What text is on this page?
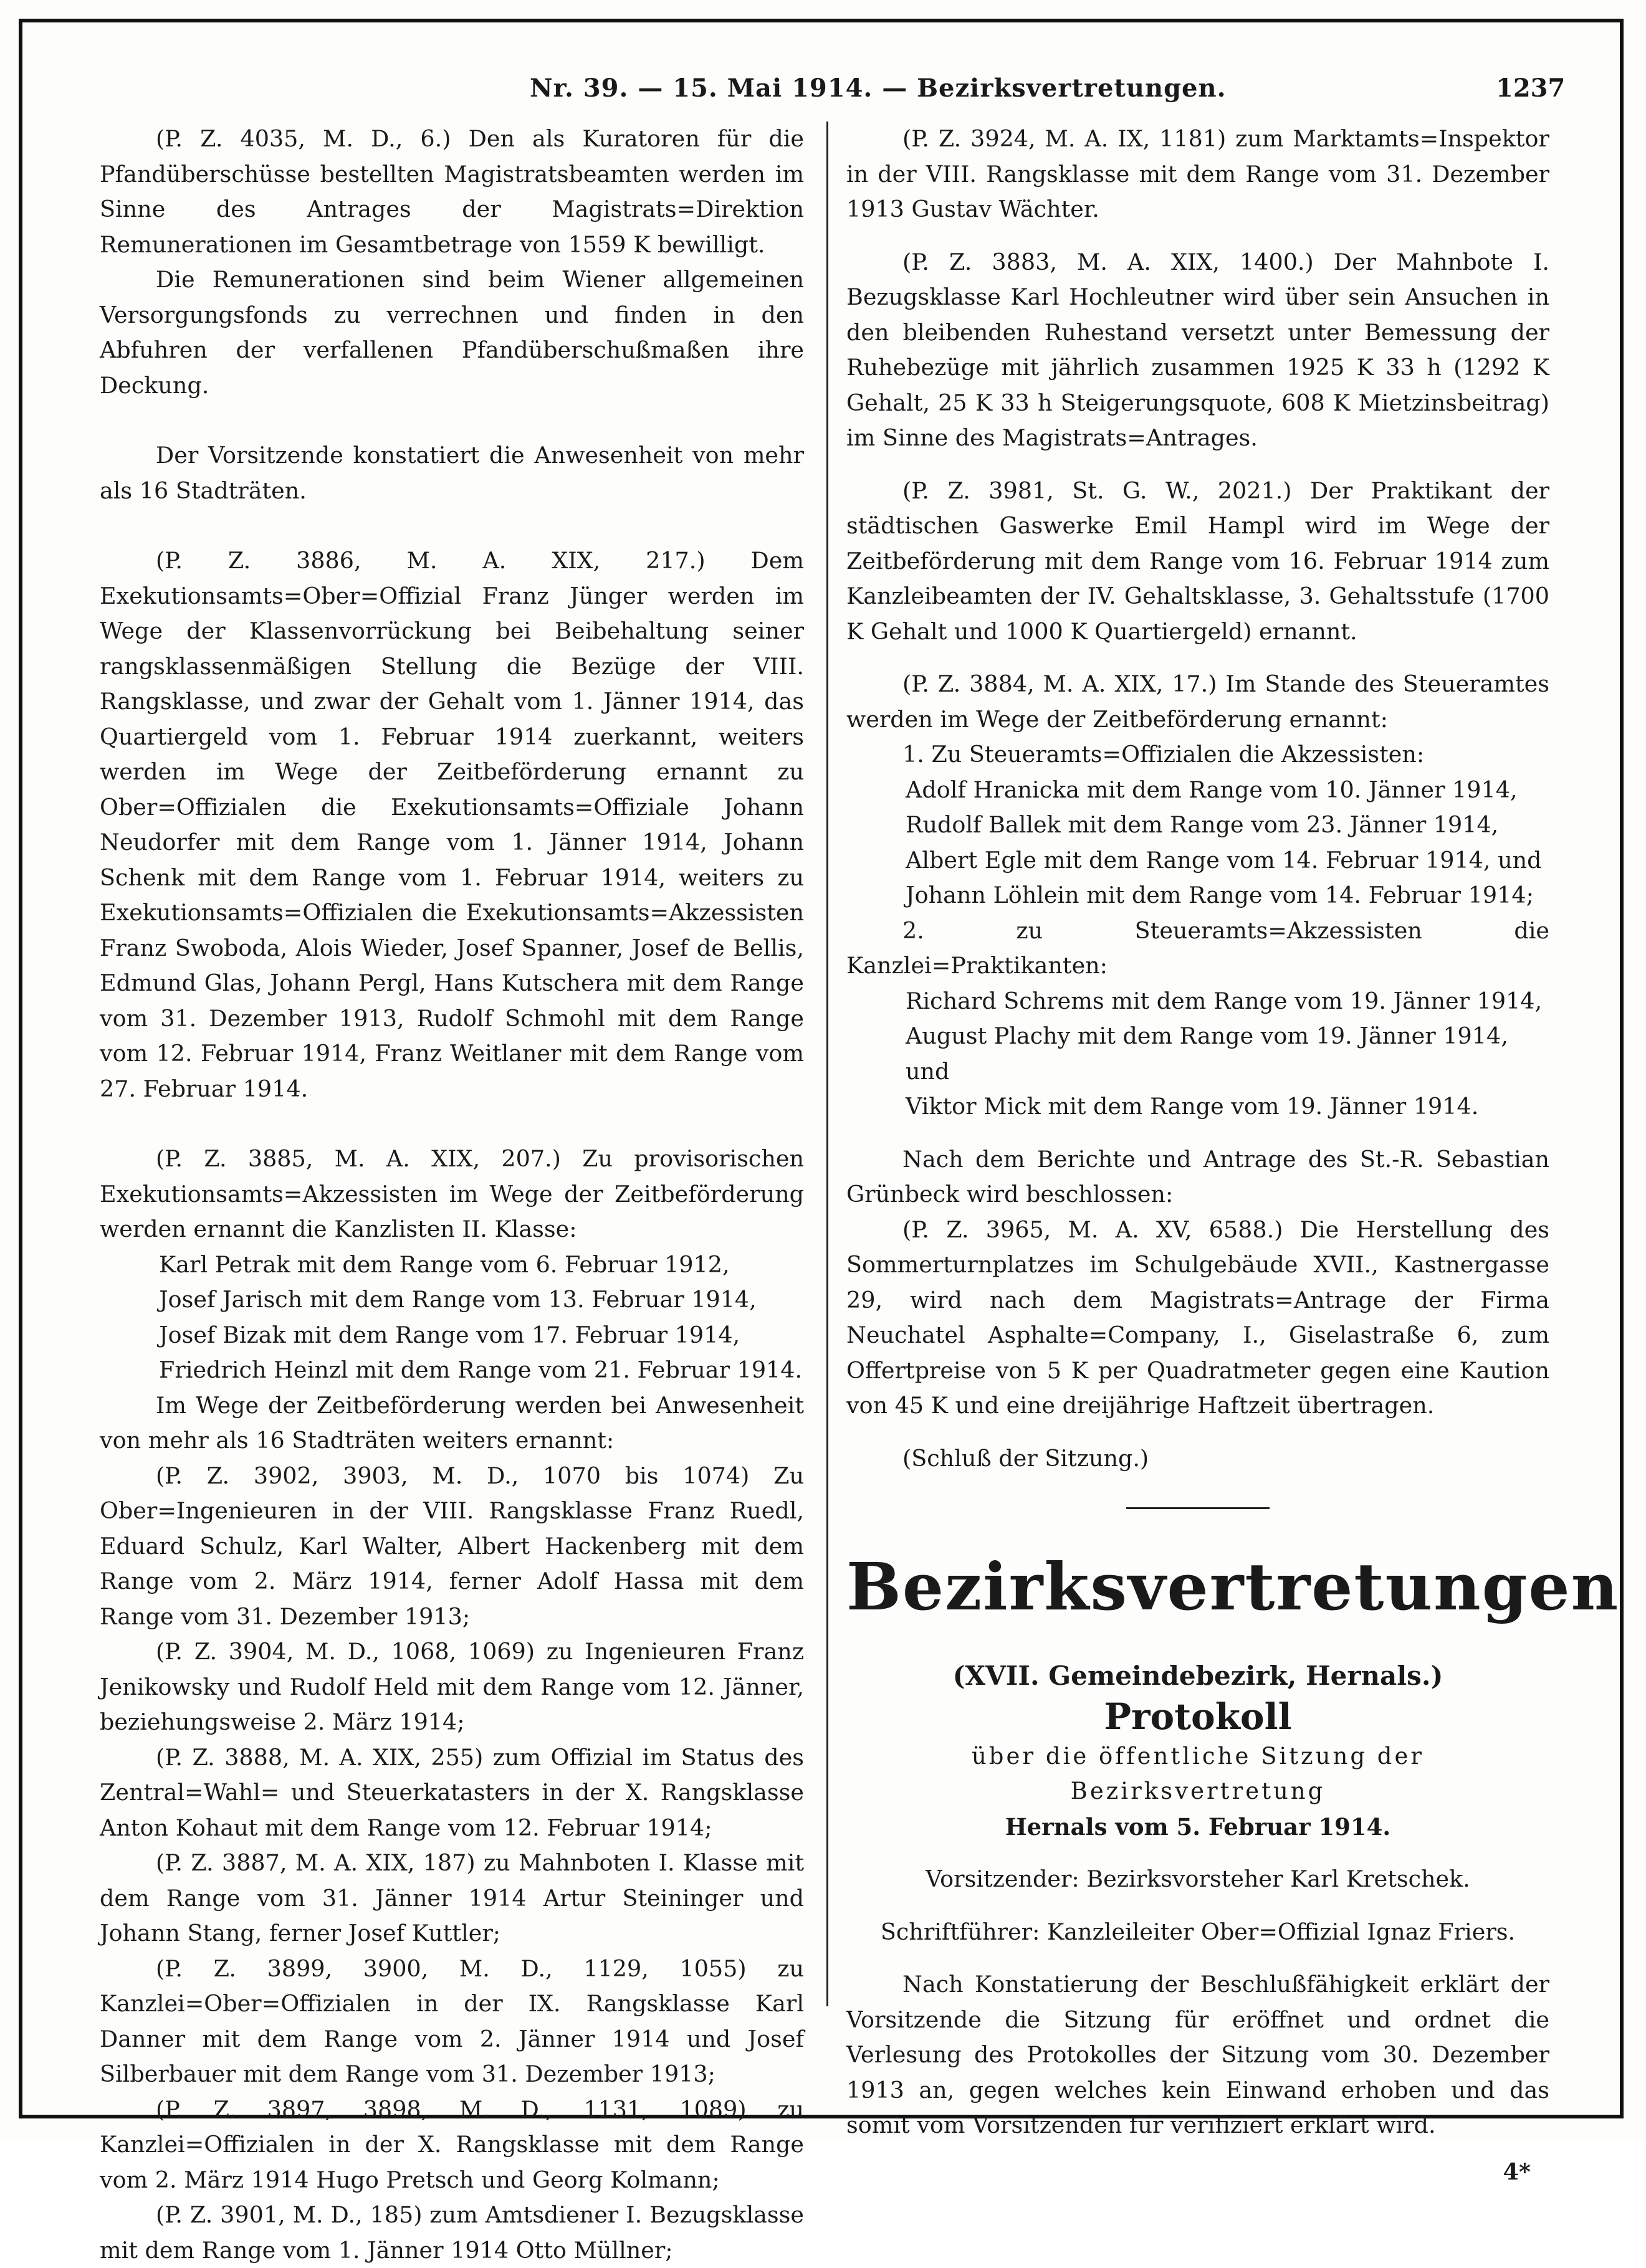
Nr. 39. — 15. Mai 1914. — Bezirksvertretungen.	1237

(P. Z. 4035, M. D., 6.) Den als Kuratoren für die Pfandüberschüsse bestellten Magistratsbeamten werden im Sinne des Antrages der Magistrats=Direktion Remunerationen im Gesamtbetrage von 1559 K bewilligt.

Die Remunerationen sind beim Wiener allgemeinen Versorgungsfonds zu verrechnen und finden in den Abfuhren der verfallenen Pfandüberschußmaßen ihre Deckung.

Der Vorsitzende konstatiert die Anwesenheit von mehr als 16 Stadträten.

(P. Z. 3886, M. A. XIX, 217.) Dem Exekutionsamts=Ober=Offizial Franz Jünger werden im Wege der Klassenvorrückung bei Beibehaltung seiner rangsklassenmäßigen Stellung die Bezüge der VIII. Rangsklasse, und zwar der Gehalt vom 1. Jänner 1914, das Quartiergeld vom 1. Februar 1914 zuerkannt, weiters werden im Wege der Zeitbeförderung ernannt zu Ober=Offizialen die Exekutionsamts=Offiziale Johann Neudorfer mit dem Range vom 1. Jänner 1914, Johann Schenk mit dem Range vom 1. Februar 1914, weiters zu Exekutionsamts=Offizialen die Exekutionsamts=Akzessisten Franz Swoboda, Alois Wieder, Josef Spanner, Josef de Bellis, Edmund Glas, Johann Pergl, Hans Kutschera mit dem Range vom 31. Dezember 1913, Rudolf Schmohl mit dem Range vom 12. Februar 1914, Franz Weitlaner mit dem Range vom 27. Februar 1914.

(P. Z. 3885, M. A. XIX, 207.) Zu provisorischen Exekutionsamts=Akzessisten im Wege der Zeitbeförderung werden ernannt die Kanzlisten II. Klasse:

Karl Petrak mit dem Range vom 6. Februar 1912,

Josef Jarisch mit dem Range vom 13. Februar 1914,

Josef Bizak mit dem Range vom 17. Februar 1914,

Friedrich Heinzl mit dem Range vom 21. Februar 1914.

Im Wege der Zeitbeförderung werden bei Anwesenheit von mehr als 16 Stadträten weiters ernannt:

(P. Z. 3902, 3903, M. D., 1070 bis 1074) Zu Ober=Ingenieuren in der VIII. Rangsklasse Franz Ruedl, Eduard Schulz, Karl Walter, Albert Hackenberg mit dem Range vom 2. März 1914, ferner Adolf Hassa mit dem Range vom 31. Dezember 1913;

(P. Z. 3904, M. D., 1068, 1069) zu Ingenieuren Franz Jenikowsky und Rudolf Held mit dem Range vom 12. Jänner, beziehungsweise 2. März 1914;

(P. Z. 3888, M. A. XIX, 255) zum Offizial im Status des Zentral=Wahl= und Steuerkatasters in der X. Rangsklasse Anton Kohaut mit dem Range vom 12. Februar 1914;

(P. Z. 3887, M. A. XIX, 187) zu Mahnboten I. Klasse mit dem Range vom 31. Jänner 1914 Artur Steininger und Johann Stang, ferner Josef Kuttler;

(P. Z. 3899, 3900, M. D., 1129, 1055) zu Kanzlei=Ober=Offizialen in der IX. Rangsklasse Karl Danner mit dem Range vom 2. Jänner 1914 und Josef Silberbauer mit dem Range vom 31. Dezember 1913;

(P. Z. 3897, 3898, M. D., 1131, 1089) zu Kanzlei=Offizialen in der X. Rangsklasse mit dem Range vom 2. März 1914 Hugo Pretsch und Georg Kolmann;

(P. Z. 3901, M. D., 185) zum Amtsdiener I. Bezugsklasse mit dem Range vom 1. Jänner 1914 Otto Müllner;

(P. Z. 3924, M. A. IX, 1181) zum Marktamts=Inspektor in der VIII. Rangsklasse mit dem Range vom 31. Dezember 1913 Gustav Wächter.

(P. Z. 3883, M. A. XIX, 1400.) Der Mahnbote I. Bezugsklasse Karl Hochleutner wird über sein Ansuchen in den bleibenden Ruhestand versetzt unter Bemessung der Ruhebezüge mit jährlich zusammen 1925 K 33 h (1292 K Gehalt, 25 K 33 h Steigerungsquote, 608 K Mietzinsbeitrag) im Sinne des Magistrats=Antrages.

(P. Z. 3981, St. G. W., 2021.) Der Praktikant der städtischen Gaswerke Emil Hampl wird im Wege der Zeitbeförderung mit dem Range vom 16. Februar 1914 zum Kanzleibeamten der IV. Gehaltsklasse, 3. Gehaltsstufe (1700 K Gehalt und 1000 K Quartiergeld) ernannt.

(P. Z. 3884, M. A. XIX, 17.) Im Stande des Steueramtes werden im Wege der Zeitbeförderung ernannt:

1. Zu Steueramts=Offizialen die Akzessisten:

Adolf Hranicka mit dem Range vom 10. Jänner 1914,

Rudolf Ballek mit dem Range vom 23. Jänner 1914,

Albert Egle mit dem Range vom 14. Februar 1914, und

Johann Löhlein mit dem Range vom 14. Februar 1914;

2. zu Steueramts=Akzessisten die Kanzlei=Praktikanten:

Richard Schrems mit dem Range vom 19. Jänner 1914,

August Plachy mit dem Range vom 19. Jänner 1914, und

Viktor Mick mit dem Range vom 19. Jänner 1914.

Nach dem Berichte und Antrage des St.-R. Sebastian Grünbeck wird beschlossen:

(P. Z. 3965, M. A. XV, 6588.) Die Herstellung des Sommerturnplatzes im Schulgebäude XVII., Kastnergasse 29, wird nach dem Magistrats=Antrage der Firma Neuchatel Asphalte=Company, I., Giselastraße 6, zum Offertpreise von 5 K per Quadratmeter gegen eine Kaution von 45 K und eine dreijährige Haftzeit übertragen.

(Schluß der Sitzung.)

Bezirksvertretungen

(XVII. Gemeindebezirk, Hernals.)

Protokoll

über die öffentliche Sitzung der Bezirksvertretung

Hernals vom 5. Februar 1914.

Vorsitzender: Bezirksvorsteher Karl Kretschek.

Schriftführer: Kanzleileiter Ober=Offizial Ignaz Friers.

Nach Konstatierung der Beschlußfähigkeit erklärt der Vorsitzende die Sitzung für eröffnet und ordnet die Verlesung des Protokolles der Sitzung vom 30. Dezember 1913 an, gegen welches kein Einwand erhoben und das somit vom Vorsitzenden für verifiziert erklärt wird.

4*
